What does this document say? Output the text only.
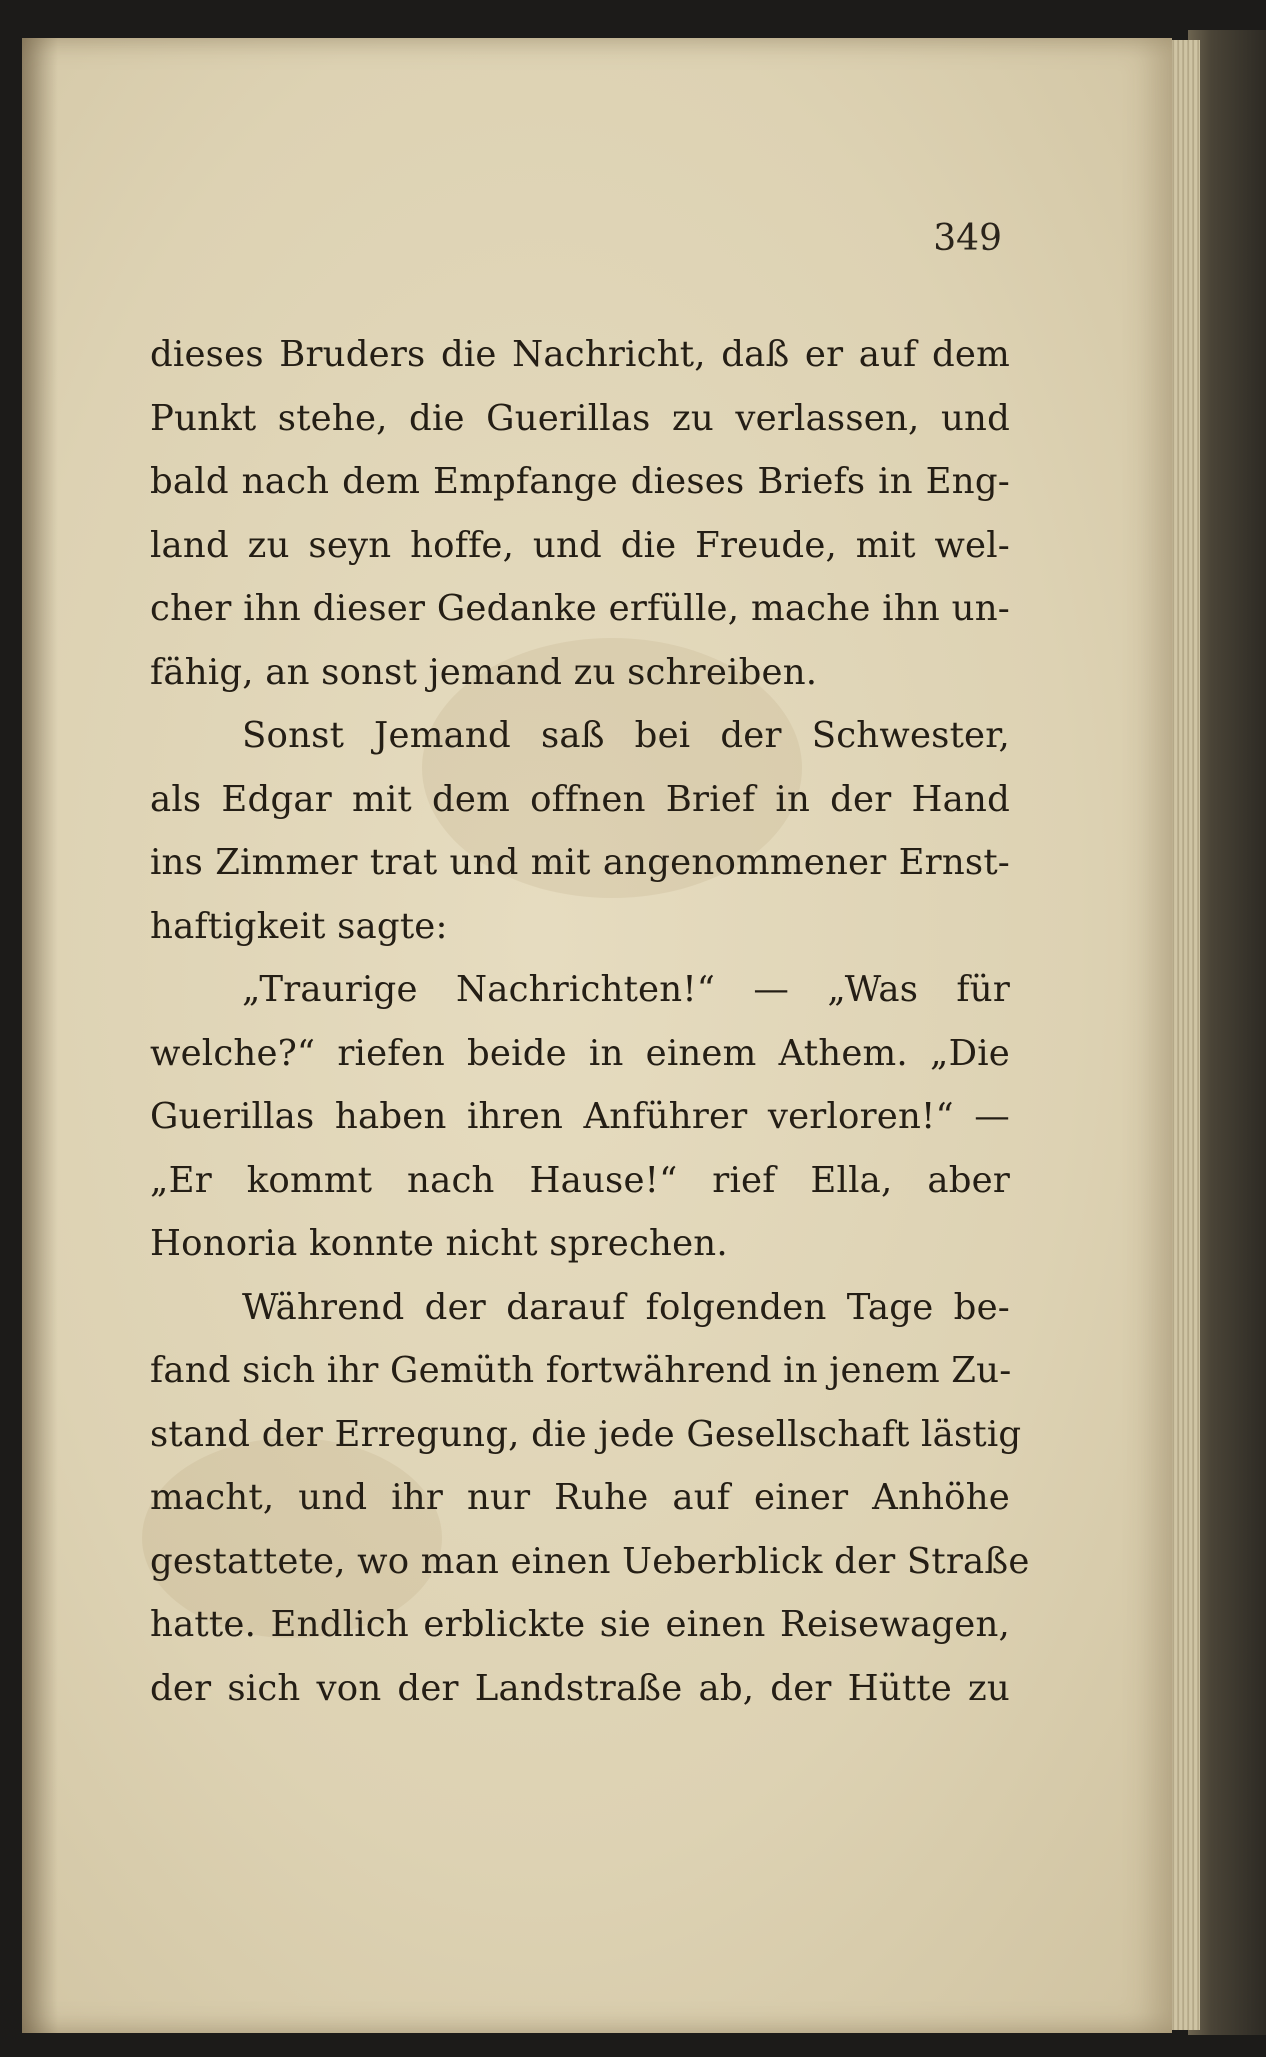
349
dieses Bruders die Nachricht, daß er auf dem
Punkt stehe, die Guerillas zu verlassen, und
bald nach dem Empfange dieses Briefs in Eng-
land zu seyn hoffe, und die Freude, mit wel-
cher ihn dieser Gedanke erfülle, mache ihn un-
fähig, an sonst jemand zu schreiben.
Sonst Jemand saß bei der Schwester,
als Edgar mit dem offnen Brief in der Hand
ins Zimmer trat und mit angenommener Ernst-
haftigkeit sagte:
„Traurige Nachrichten!“ — „Was für
welche?“ riefen beide in einem Athem. „Die
Guerillas haben ihren Anführer verloren!“ —
„Er kommt nach Hause!“ rief Ella, aber
Honoria konnte nicht sprechen.
Während der darauf folgenden Tage be-
fand sich ihr Gemüth fortwährend in jenem Zu-
stand der Erregung, die jede Gesellschaft lästig
macht, und ihr nur Ruhe auf einer Anhöhe
gestattete, wo man einen Ueberblick der Straße
hatte. Endlich erblickte sie einen Reisewagen,
der sich von der Landstraße ab, der Hütte zu
